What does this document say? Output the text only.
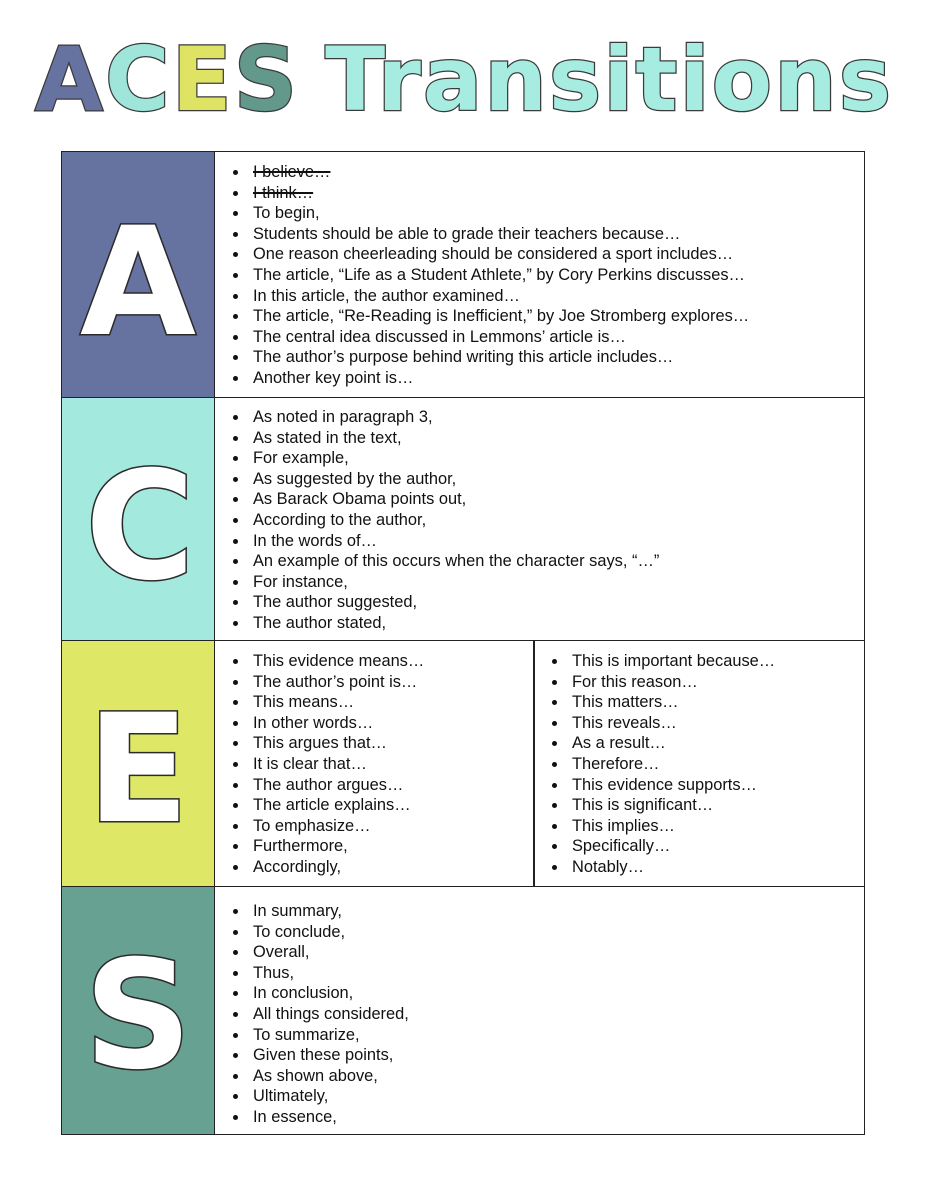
ACES Transitions
A
I believe…
I think…
To begin,
Students should be able to grade their teachers because…
One reason cheerleading should be considered a sport includes…
The article, “Life as a Student Athlete,” by Cory Perkins discusses…
In this article, the author examined…
The article, “Re-Reading is Inefficient,” by Joe Stromberg explores…
The central idea discussed in Lemmons’ article is…
The author’s purpose behind writing this article includes…
Another key point is…
C
As noted in paragraph 3,
As stated in the text,
For example,
As suggested by the author,
As Barack Obama points out,
According to the author,
In the words of…
An example of this occurs when the character says, “…”
For instance,
The author suggested,
The author stated,
E
This evidence means…
The author’s point is…
This means…
In other words…
This argues that…
It is clear that…
The author argues…
The article explains…
To emphasize…
Furthermore,
Accordingly,
This is important because…
For this reason…
This matters…
This reveals…
As a result…
Therefore…
This evidence supports…
This is significant…
This implies…
Specifically…
Notably…
S
In summary,
To conclude,
Overall,
Thus,
In conclusion,
All things considered,
To summarize,
Given these points,
As shown above,
Ultimately,
In essence,
